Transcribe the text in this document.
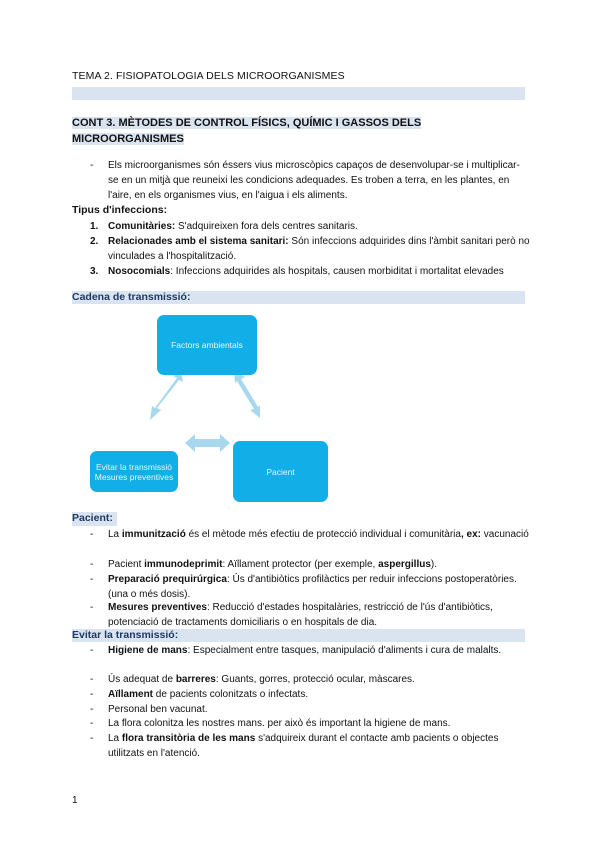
TEMA 2. FISIOPATOLOGIA DELS MICROORGANISMES
CONT 3. MÈTODES DE CONTROL FÍSICS, QUÍMIC I GASSOS DELS MICROORGANISMES
- Els microorganismes són éssers vius microscòpics capaços de desenvolupar-se i multiplicar-se en un mitjà que reuneixi les condicions adequades. Es troben a terra, en les plantes, en l'aire, en els organismes vius, en l'aigua i els aliments.
Tipus d'infeccions:
1. Comunitàries: S'adquireixen fora dels centres sanitaris.
2. Relacionades amb el sistema sanitari: Són infeccions adquirides dins l'àmbit sanitari però no vinculades a l'hospitalització.
3. Nosocomials: Infeccions adquirides als hospitals, causen morbiditat i mortalitat elevades
Cadena de transmissió:
Factors ambientals
Pacient
Evitar la transmissió Mesures preventives
Pacient:
- La immunització és el mètode més efectiu de protecció individual i comunitària, ex: vacunació
- Pacient immunodeprimit: Aïllament protector (per exemple, aspergillus).
- Preparació prequirúrgica: Ús d'antibiòtics profilàctics per reduir infeccions postoperatòries. (una o més dosis).
- Mesures preventives: Reducció d'estades hospitalàries, restricció de l'ús d'antibiòtics, potenciació de tractaments domiciliaris o en hospitals de dia.
Evitar la transmissió:
- Higiene de mans: Especialment entre tasques, manipulació d'aliments i cura de malalts.
- Ús adequat de barreres: Guants, gorres, protecció ocular, màscares.
- Aïllament de pacients colonitzats o infectats.
- Personal ben vacunat.
- La flora colonitza les nostres mans. per això és important la higiene de mans.
- La flora transitòria de les mans s'adquireix durant el contacte amb pacients o objectes utilitzats en l'atenció.
1
